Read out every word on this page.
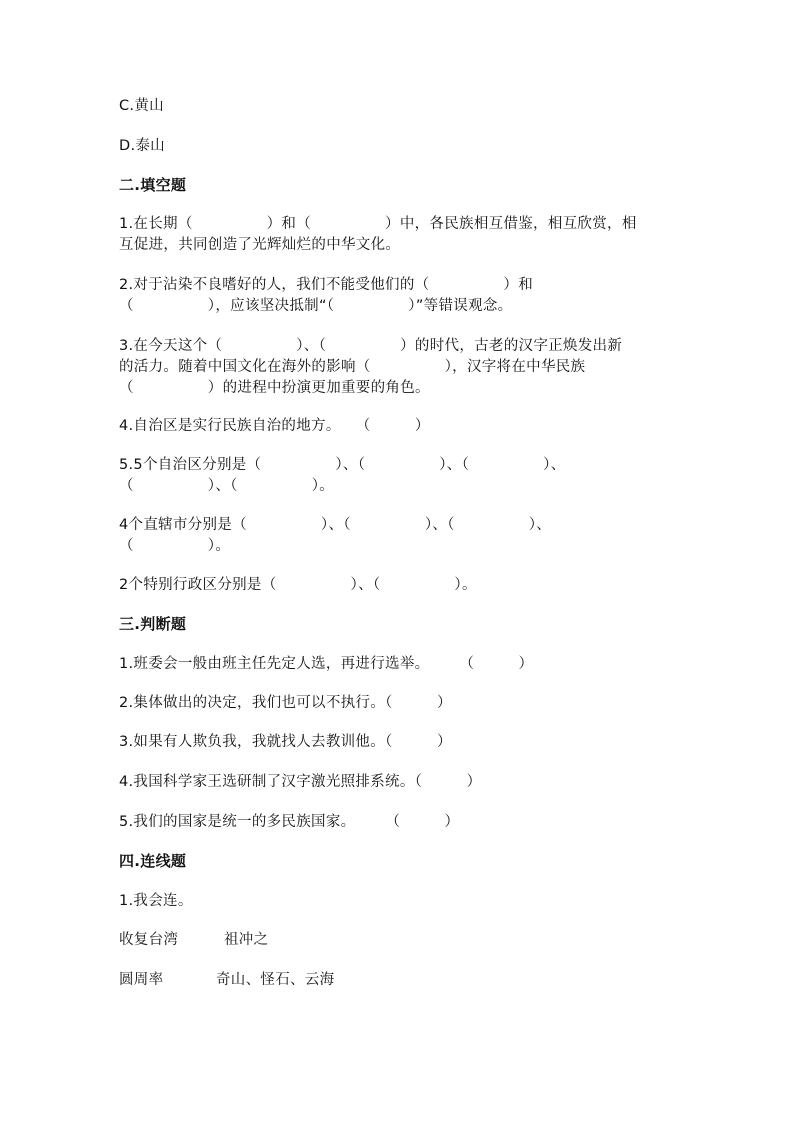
C.黄山
D.泰山
二.填空题
1.在长期（　　　　　）和（　　　　　）中，各民族相互借鉴，相互欣赏，相
互促进，共同创造了光辉灿烂的中华文化。
2.对于沾染不良嗜好的人，我们不能受他们的（　　　　　）和
（　　　　　），应该坚决抵制“（　　　　　）”等错误观念。
3.在今天这个（　　　　　）、（　　　　　）的时代，古老的汉字正焕发出新
的活力。随着中国文化在海外的影响（　　　　　），汉字将在中华民族
（　　　　　）的进程中扮演更加重要的角色。
4.自治区是实行民族自治的地方。　　（　　　）
5.5个自治区分别是（　　　　　）、（　　　　　）、（　　　　　）、
（　　　　　）、（　　　　　）。
4个直辖市分别是（　　　　　）、（　　　　　）、（　　　　　）、
（　　　　　）。
2个特别行政区分别是（　　　　　）、（　　　　　）。
三.判断题
1.班委会一般由班主任先定人选，再进行选举。　　　（　　　）
2.集体做出的决定，我们也可以不执行。（　　　）
3.如果有人欺负我，我就找人去教训他。（　　　）
4.我国科学家王选研制了汉字激光照排系统。（　　　）
5.我们的国家是统一的多民族国家。　　　（　　　）
四.连线题
1.我会连。
收复台湾	祖冲之
圆周率	奇山、怪石、云海
